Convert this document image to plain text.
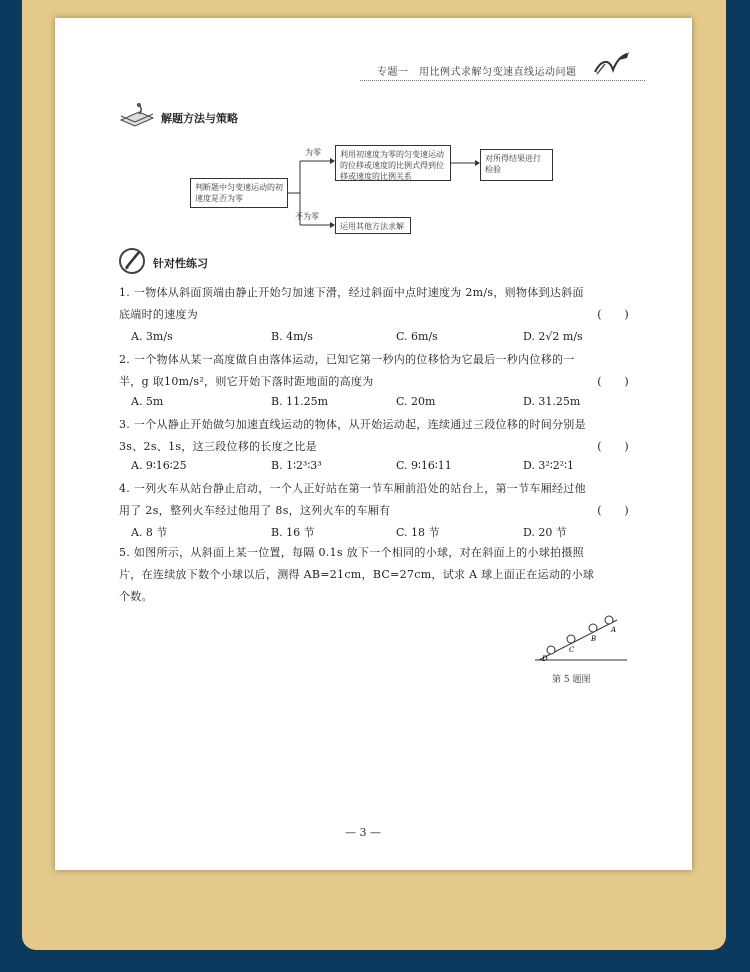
专题一　用比例式求解匀变速直线运动问题
解题方法与策略
判断题中匀变速运动的初速度是否为零
为零
不为零
利用初速度为零的匀变速运动的位移或速度的比例式得到位移或速度的比例关系
对所得结果进行检验
运用其他方法求解
针对性练习
1. 一物体从斜面顶端由静止开始匀加速下滑，经过斜面中点时速度为 2m/s，则物体到达斜面
底端时的速度为	(　　)
A. 3m/s	B. 4m/s	C. 6m/s	D. 2√2 m/s
2. 一个物体从某一高度做自由落体运动，已知它第一秒内的位移恰为它最后一秒内位移的一
半，g 取10m/s²，则它开始下落时距地面的高度为	(　　)
A. 5m	B. 11.25m	C. 20m	D. 31.25m
3. 一个从静止开始做匀加速直线运动的物体，从开始运动起，连续通过三段位移的时间分别是
3s、2s、1s，这三段位移的长度之比是	(　　)
A. 9∶16∶25	B. 1∶2³∶3³	C. 9∶16∶11	D. 3²∶2²∶1
4. 一列火车从站台静止启动，一个人正好站在第一节车厢前沿处的站台上，第一节车厢经过他
用了 2s，整列火车经过他用了 8s，这列火车的车厢有	(　　)
A. 8 节	B. 16 节	C. 18 节	D. 20 节
5. 如图所示，从斜面上某一位置，每隔 0.1s 放下一个相同的小球，对在斜面上的小球拍摄照
片，在连续放下数个小球以后，测得 AB=21cm，BC=27cm，试求 A 球上面正在运动的小球
个数。
D
C
B
A
第 5 题图
— 3 —
